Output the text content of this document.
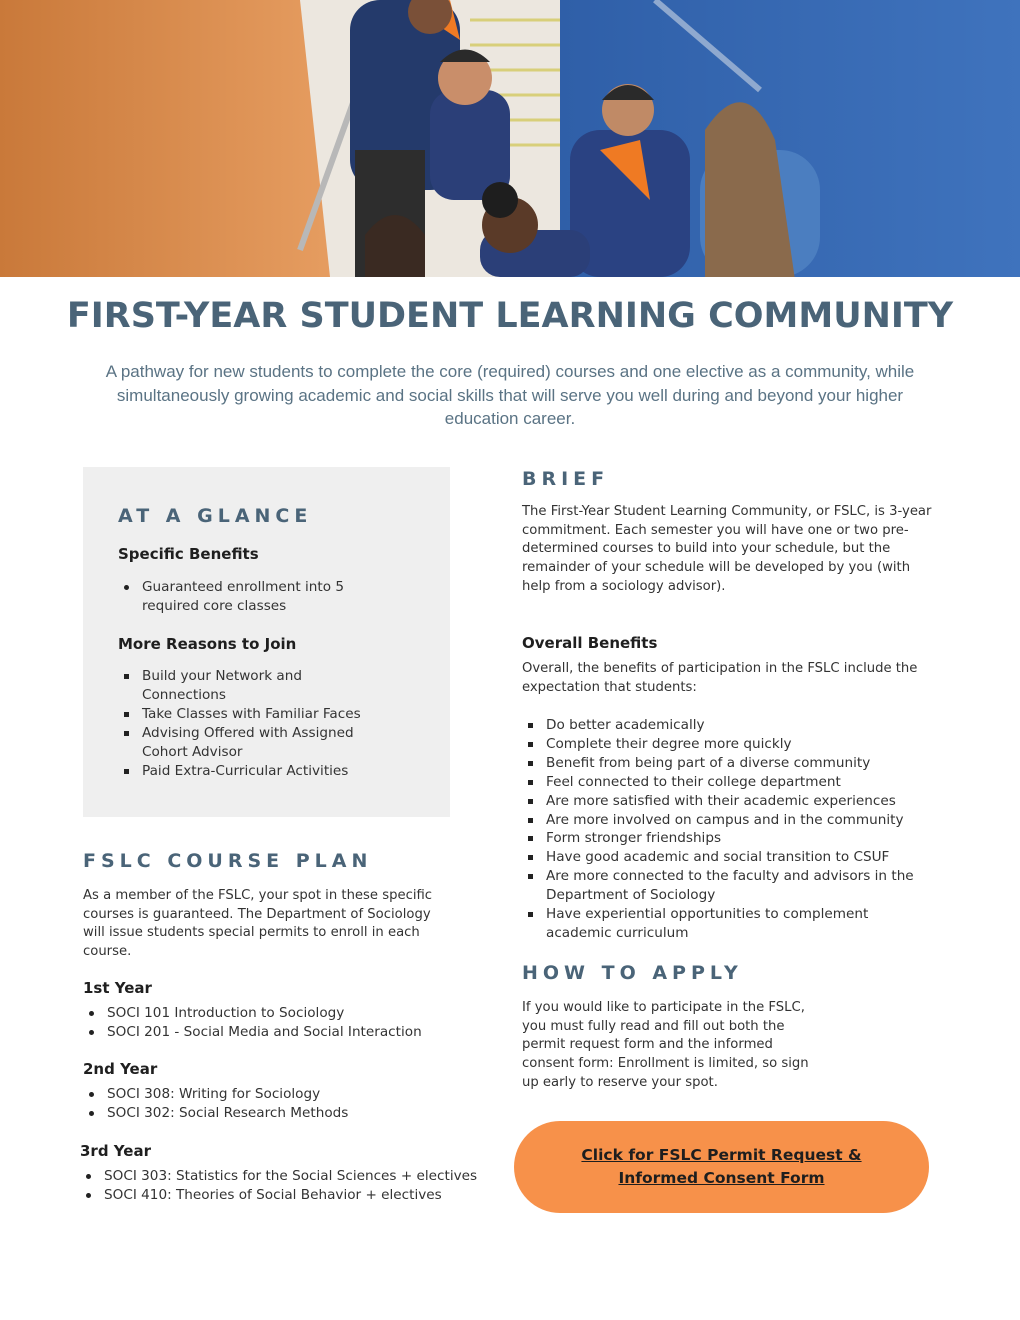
FIRST-YEAR STUDENT LEARNING COMMUNITY
A pathway for new students to complete the core (required) courses and one elective as a community, while simultaneously growing academic and social skills that will serve you well during and beyond your higher education career.
AT A GLANCE
Specific Benefits
Guaranteed enrollment into 5 required core classes
More Reasons to Join
Build your Network and Connections
Take Classes with Familiar Faces
Advising Offered with Assigned Cohort Advisor
Paid Extra-Curricular Activities
FSLC COURSE PLAN
As a member of the FSLC, your spot in these specific courses is guaranteed. The Department of Sociology will issue students special permits to enroll in each course.
1st Year
SOCI 101 Introduction to Sociology
SOCI 201 - Social Media and Social Interaction
2nd Year
SOCI 308: Writing for Sociology
SOCI 302: Social Research Methods
3rd Year
SOCI 303: Statistics for the Social Sciences + electives
SOCI 410: Theories of Social Behavior + electives
BRIEF
The First-Year Student Learning Community, or FSLC, is 3-year commitment. Each semester you will have one or two pre-determined courses to build into your schedule, but the remainder of your schedule will be developed by you (with help from a sociology advisor).
Overall Benefits
Overall, the benefits of participation in the FSLC include the expectation that students:
Do better academically
Complete their degree more quickly
Benefit from being part of a diverse community
Feel connected to their college department
Are more satisfied with their academic experiences
Are more involved on campus and in the community
Form stronger friendships
Have good academic and social transition to CSUF
Are more connected to the faculty and advisors in the Department of Sociology
Have experiential opportunities to complement academic curriculum
HOW TO APPLY
If you would like to participate in the FSLC, you must fully read and fill out both the permit request form and the informed consent form: Enrollment is limited, so sign up early to reserve your spot.
Click for FSLC Permit Request & Informed Consent Form
